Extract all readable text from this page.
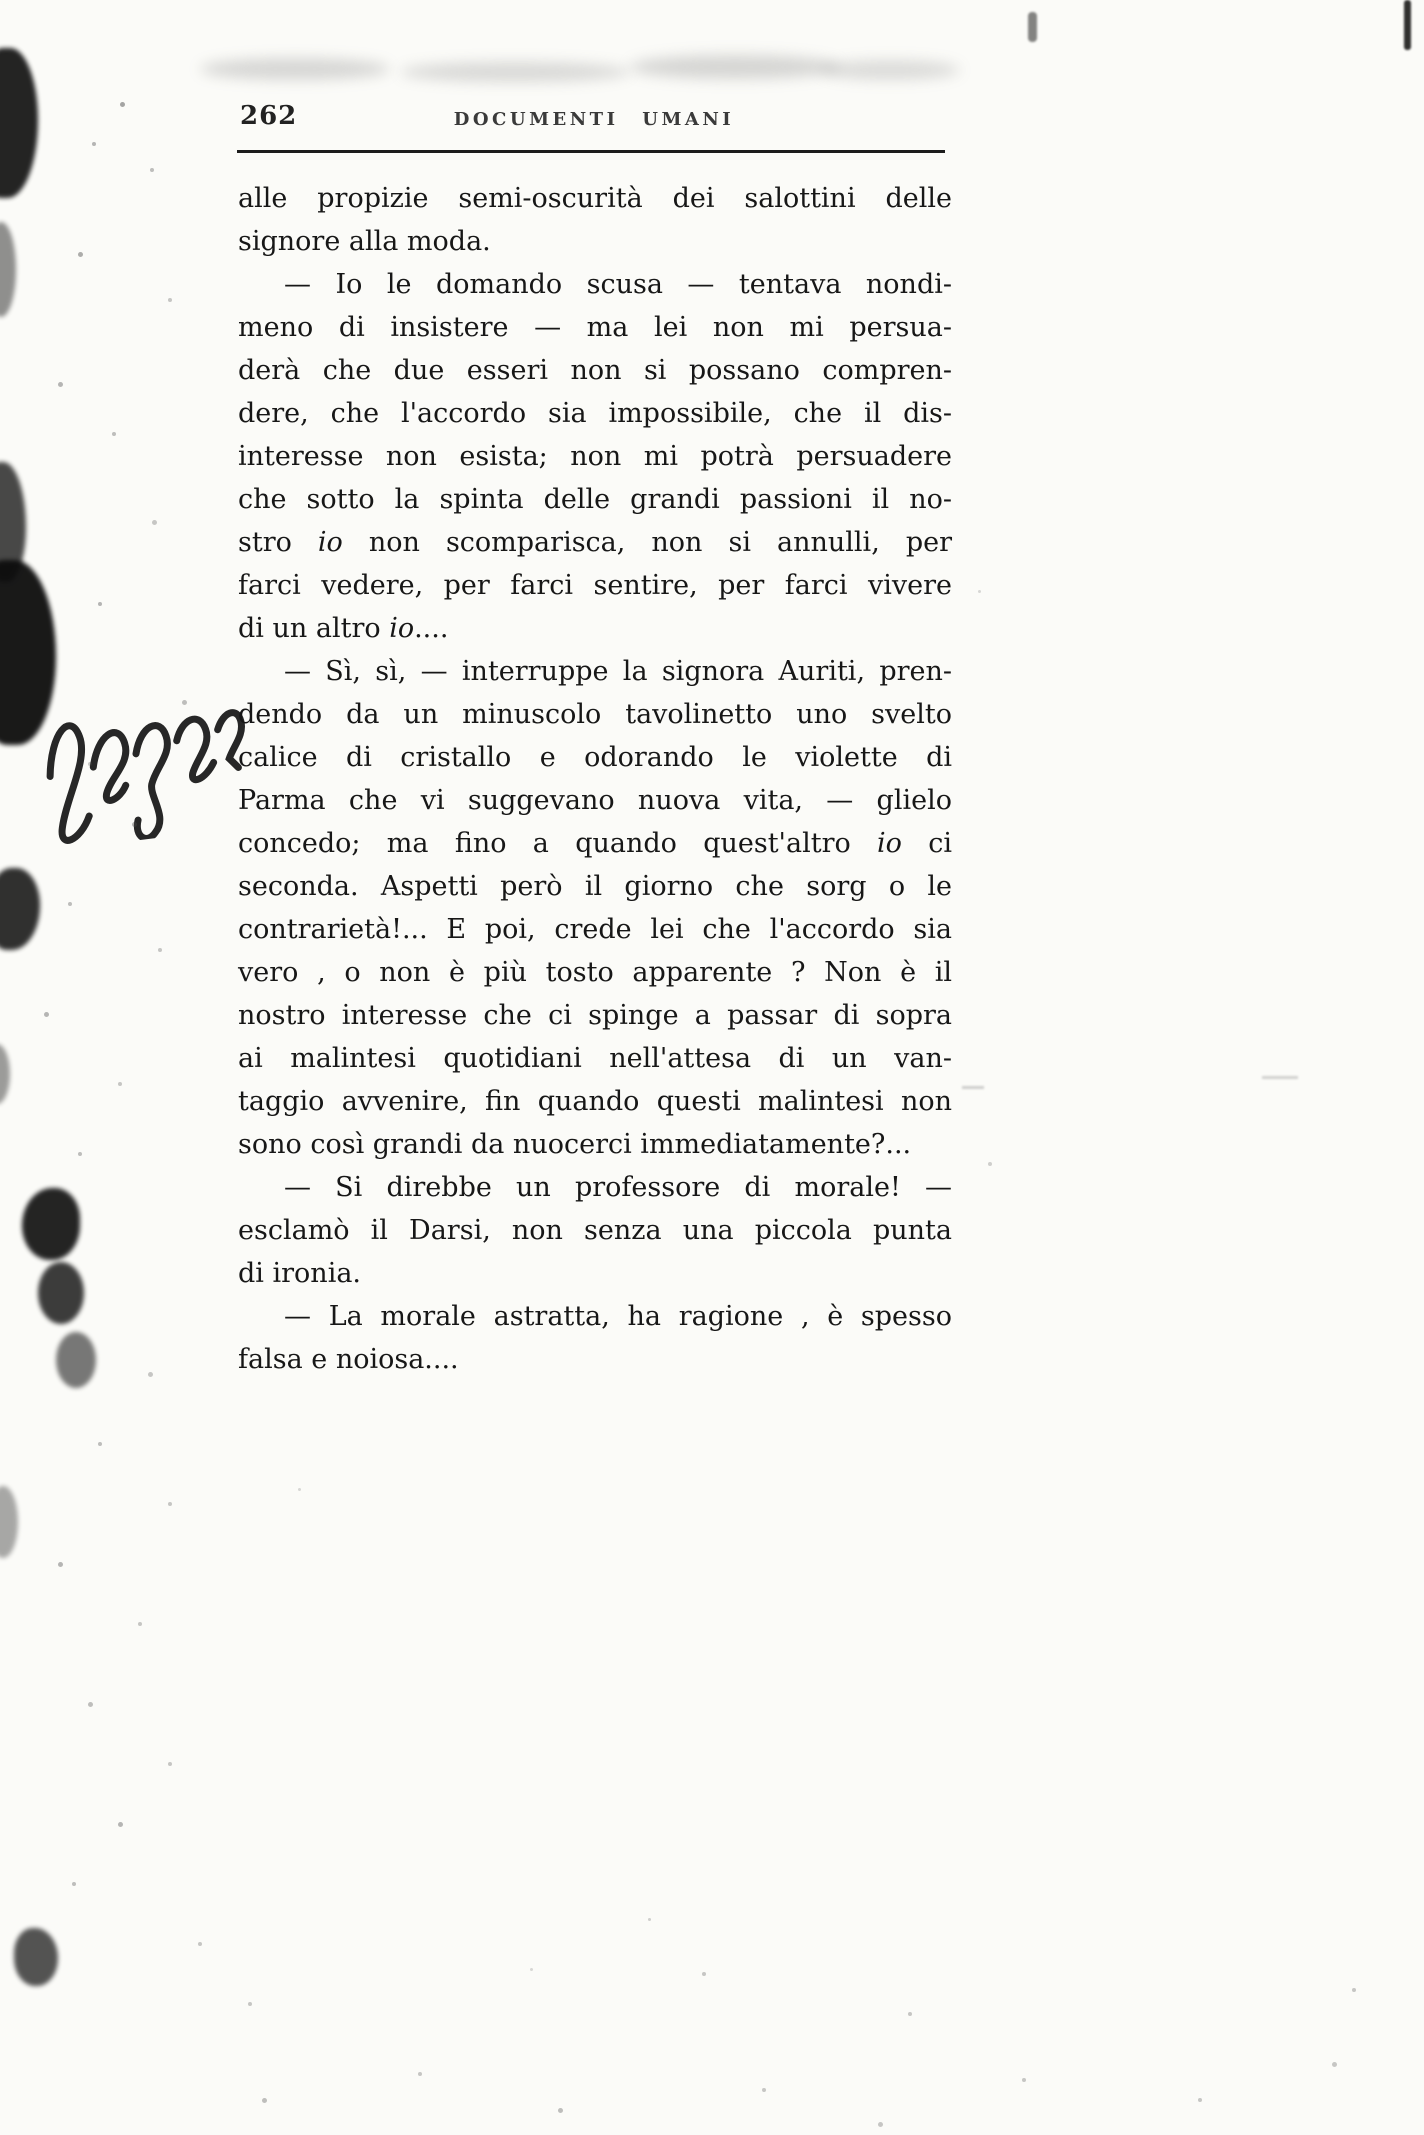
262	DOCUMENTI UMANI
alle propizie semi-oscurità dei salottini delle
signore alla moda.
— Io le domando scusa — tentava nondi-
meno di insistere — ma lei non mi persua-
derà che due esseri non si possano compren-
dere, che l'accordo sia impossibile, che il dis-
interesse non esista; non mi potrà persuadere
che sotto la spinta delle grandi passioni il no-
stro io non scomparisca, non si annulli, per
farci vedere, per farci sentire, per farci vivere
di un altro io....
— Sì, sì, — interruppe la signora Auriti, pren-
dendo da un minuscolo tavolinetto uno svelto
calice di cristallo e odorando le violette di
Parma che vi suggevano nuova vita, — glielo
concedo; ma fino a quando quest'altro io ci
seconda. Aspetti però il giorno che sorg o le
contrarietà!... E poi, crede lei che l'accordo sia
vero , o non è più tosto apparente ? Non è il
nostro interesse che ci spinge a passar di sopra
ai malintesi quotidiani nell'attesa di un van-
taggio avvenire, fin quando questi malintesi non
sono così grandi da nuocerci immediatamente?...
— Si direbbe un professore di morale! —
esclamò il Darsi, non senza una piccola punta
di ironia.
— La morale astratta, ha ragione , è spesso
falsa e noiosa....
